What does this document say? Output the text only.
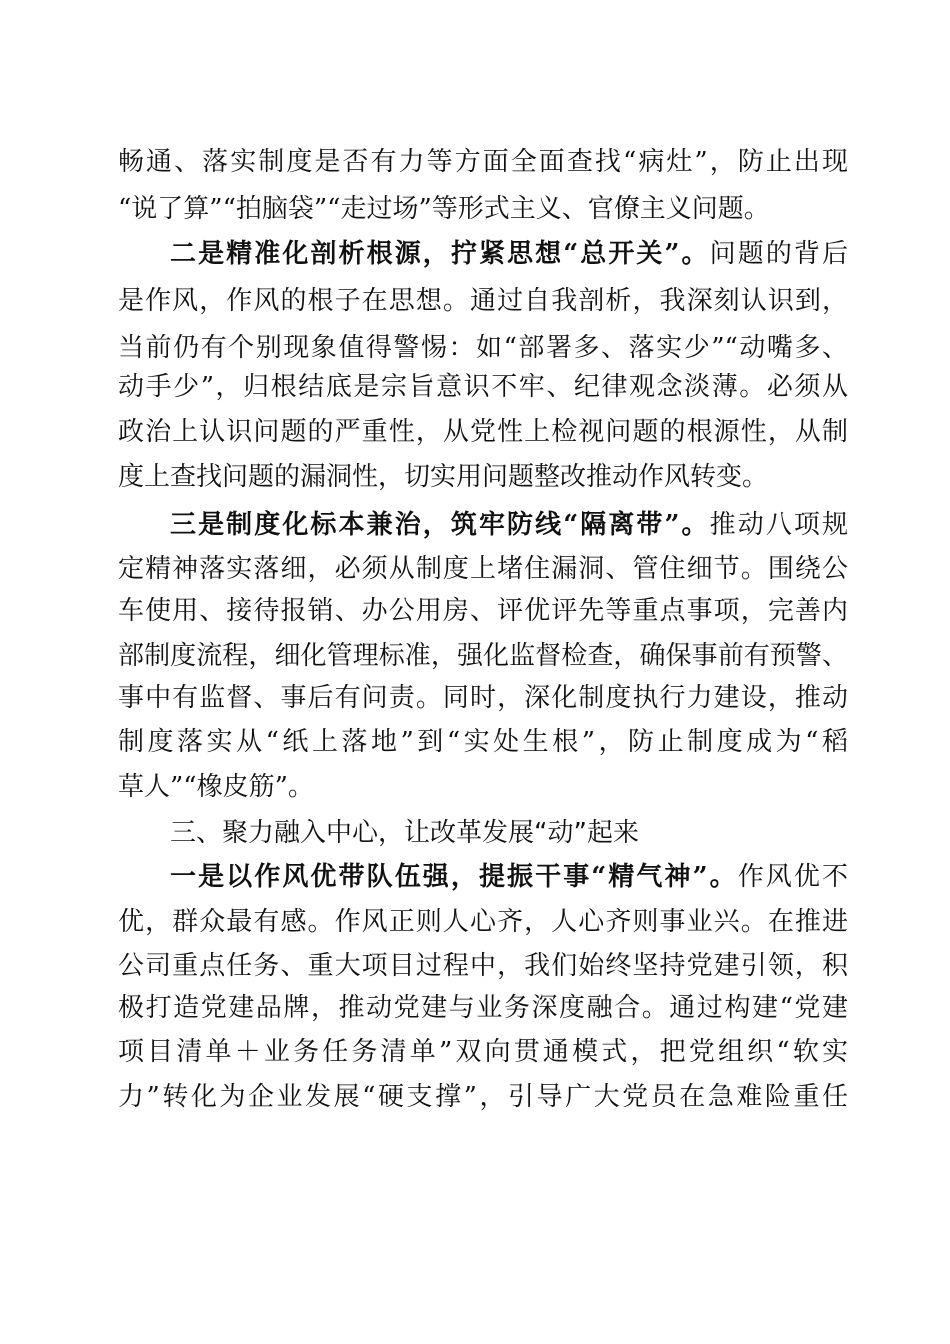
畅通、落实制度是否有力等方面全面查找“病灶”，防止出现
“说了算”“拍脑袋”“走过场”等形式主义、官僚主义问题。
二是精准化剖析根源，拧紧思想“总开关”。问题的背后
是作风，作风的根子在思想。通过自我剖析，我深刻认识到，
当前仍有个别现象值得警惕：如“部署多、落实少”“动嘴多、
动手少”，归根结底是宗旨意识不牢、纪律观念淡薄。必须从
政治上认识问题的严重性，从党性上检视问题的根源性，从制
度上查找问题的漏洞性，切实用问题整改推动作风转变。
三是制度化标本兼治，筑牢防线“隔离带”。推动八项规
定精神落实落细，必须从制度上堵住漏洞、管住细节。围绕公
车使用、接待报销、办公用房、评优评先等重点事项，完善内
部制度流程，细化管理标准，强化监督检查，确保事前有预警、
事中有监督、事后有问责。同时，深化制度执行力建设，推动
制度落实从“纸上落地”到“实处生根”，防止制度成为“稻
草人”“橡皮筋”。
三、聚力融入中心，让改革发展“动”起来
一是以作风优带队伍强，提振干事“精气神”。作风优不
优，群众最有感。作风正则人心齐，人心齐则事业兴。在推进
公司重点任务、重大项目过程中，我们始终坚持党建引领，积
极打造党建品牌，推动党建与业务深度融合。通过构建“党建
项目清单＋业务任务清单”双向贯通模式，把党组织“软实
力”转化为企业发展“硬支撑”，引导广大党员在急难险重任
